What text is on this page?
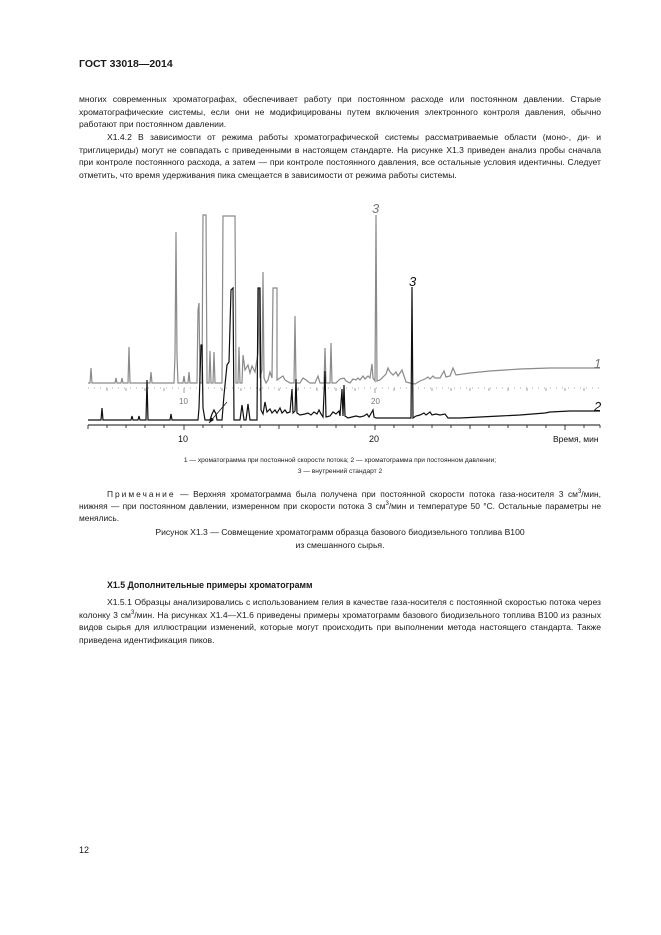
ГОСТ 33018—2014
многих современных хроматографах, обеспечивает работу при постоянном расходе или постоянном давлении. Старые хроматографические системы, если они не модифицированы путем включения электронного контроля давления, обычно работают при постоянном давлении.
X1.4.2 В зависимости от режима работы хроматографической системы рассматриваемые области (моно-, ди- и триглицериды) могут не совпадать с приведенными в настоящем стандарте. На рисунке X1.3 приведен анализ пробы сначала при контроле постоянного расхода, а затем — при контроле постоянного давления, все остальные условия идентичны. Следует отметить, что время удерживания пика смещается в зависимости от режима работы системы.
10	20
10	20	Время, мин
1
2
3
3
1 — хроматограмма при постоянной скорости потока; 2 — хроматограмма при постоянном давлении;
3 — внутренний стандарт 2
Примечание — Верхняя хроматограмма была получена при постоянной скорости потока газа-носителя 3 $см^3$/мин, нижняя — при постоянном давлении, измеренном при скорости потока 3 $см^3$/мин и температуре 50 °С. Остальные параметры не менялись.
Рисунок X1.3 — Совмещение хроматограмм образца базового биодизельного топлива B100
из смешанного сырья.
X1.5 Дополнительные примеры хроматограмм
X1.5.1 Образцы анализировались с использованием гелия в качестве газа-носителя с постоянной скоростью потока через колонку 3 $см^3$/мин. На рисунках X1.4—X1.6 приведены примеры хроматограмм базового биодизельного топлива B100 из разных видов сырья для иллюстрации изменений, которые могут происходить при выполнении метода настоящего стандарта. Также приведена идентификация пиков.
12
